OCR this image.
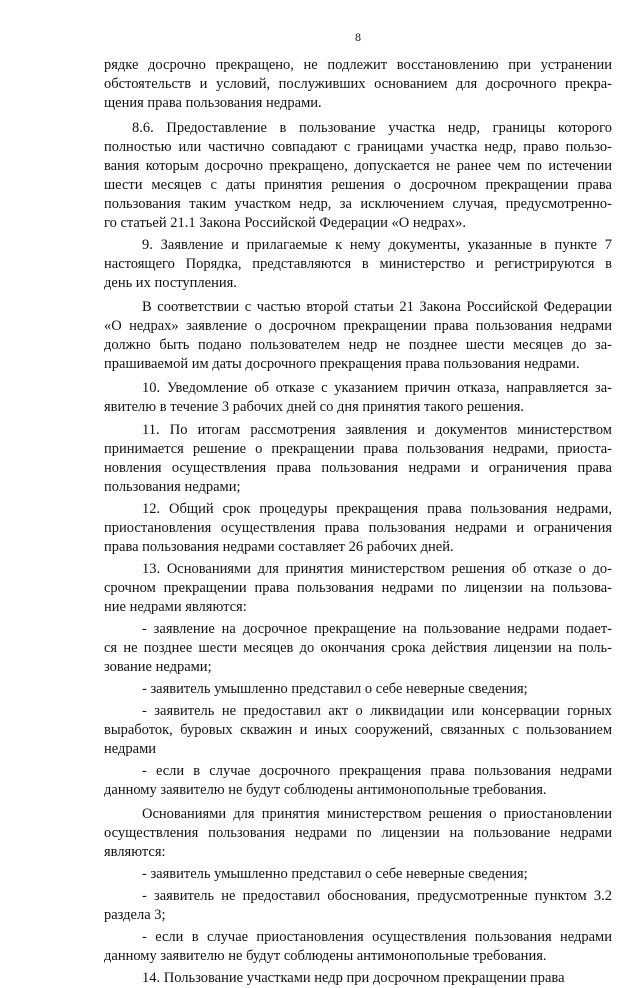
8
рядке досрочно прекращено, не подлежит восстановлению при устранении
обстоятельств и условий, послуживших основанием для досрочного прекра-
щения права пользования недрами.
8.6. Предоставление в пользование участка недр, границы которого
полностью или частично совпадают с границами участка недр, право пользо-
вания которым досрочно прекращено, допускается не ранее чем по истечении
шести месяцев с даты принятия решения о досрочном прекращении права
пользования таким участком недр, за исключением случая, предусмотренно-
го статьей 21.1 Закона Российской Федерации «О недрах».
9. Заявление и прилагаемые к нему документы, указанные в пункте 7
настоящего Порядка, представляются в министерство и регистрируются в
день их поступления.
В соответствии с частью второй статьи 21 Закона Российской Федерации
«О недрах» заявление о досрочном прекращении права пользования недрами
должно быть подано пользователем недр не позднее шести месяцев до за-
прашиваемой им даты досрочного прекращения права пользования недрами.
10. Уведомление об отказе с указанием причин отказа, направляется за-
явителю в течение 3 рабочих дней со дня принятия такого решения.
11. По итогам рассмотрения заявления и документов министерством
принимается решение о прекращении права пользования недрами, приоста-
новления осуществления права пользования недрами и ограничения права
пользования недрами;
12. Общий срок процедуры прекращения права пользования недрами,
приостановления осуществления права пользования недрами и ограничения
права пользования недрами составляет 26 рабочих дней.
13. Основаниями для принятия министерством решения об отказе о до-
срочном прекращении права пользования недрами по лицензии на пользова-
ние недрами являются:
- заявление на досрочное прекращение на пользование недрами подает-
ся не позднее шести месяцев до окончания срока действия лицензии на поль-
зование недрами;
- заявитель умышленно представил о себе неверные сведения;
- заявитель не предоставил акт о ликвидации или консервации горных
выработок, буровых скважин и иных сооружений, связанных с пользованием
недрами
- если в случае досрочного прекращения права пользования недрами
данному заявителю не будут соблюдены антимонопольные требования.
Основаниями для принятия министерством решения о приостановлении
осуществления пользования недрами по лицензии на пользование недрами
являются:
- заявитель умышленно представил о себе неверные сведения;
- заявитель не предоставил обоснования, предусмотренные пунктом 3.2
раздела 3;
- если в случае приостановления осуществления пользования недрами
данному заявителю не будут соблюдены антимонопольные требования.
14. Пользование участками недр при досрочном прекращении права
